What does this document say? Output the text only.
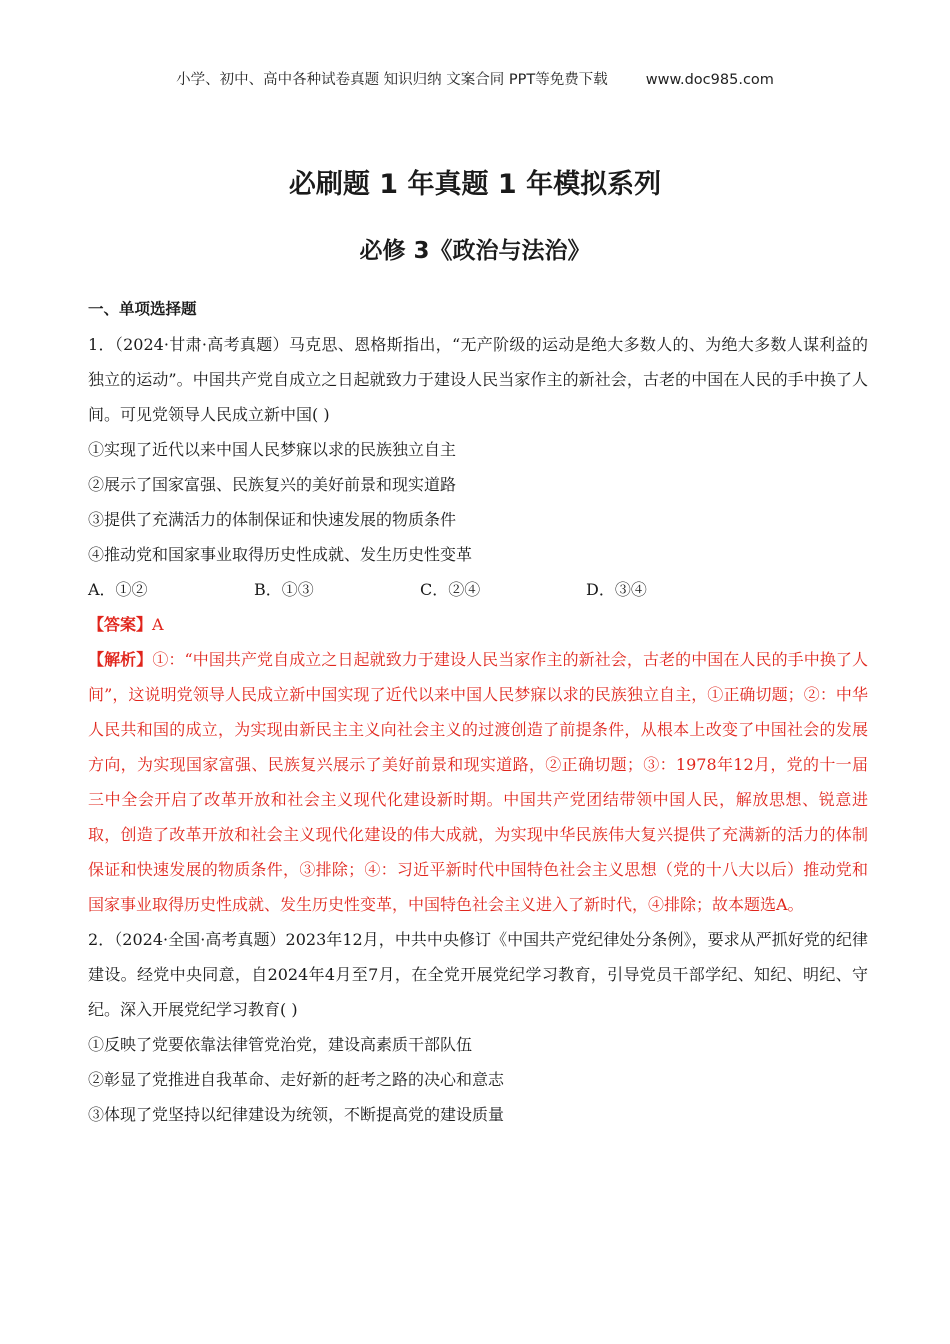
小学、初中、高中各种试卷真题 知识归纳 文案合同 PPT等免费下载	www.doc985.com
必刷题 1 年真题 1 年模拟系列
必修 3《政治与法治》

一、单项选择题

1．（2024·甘肃·高考真题）马克思、恩格斯指出，“无产阶级的运动是绝大多数人的、为绝大多数人谋利益的独立的运动”。中国共产党自成立之日起就致力于建设人民当家作主的新社会，古老的中国在人民的手中换了人间。可见党领导人民成立新中国( )

①实现了近代以来中国人民梦寐以求的民族独立自主

②展示了国家富强、民族复兴的美好前景和现实道路

③提供了充满活力的体制保证和快速发展的物质条件

④推动党和国家事业取得历史性成就、发生历史性变革

A．①②	B．①③	C．②④	D．③④

【答案】A

【解析】①：“中国共产党自成立之日起就致力于建设人民当家作主的新社会，古老的中国在人民的手中换了人间”，这说明党领导人民成立新中国实现了近代以来中国人民梦寐以求的民族独立自主，①正确切题；②：中华人民共和国的成立，为实现由新民主主义向社会主义的过渡创造了前提条件，从根本上改变了中国社会的发展方向，为实现国家富强、民族复兴展示了美好前景和现实道路，②正确切题；③：1978年12月，党的十一届三中全会开启了改革开放和社会主义现代化建设新时期。中国共产党团结带领中国人民，解放思想、锐意进取，创造了改革开放和社会主义现代化建设的伟大成就，为实现中华民族伟大复兴提供了充满新的活力的体制保证和快速发展的物质条件，③排除；④：习近平新时代中国特色社会主义思想（党的十八大以后）推动党和国家事业取得历史性成就、发生历史性变革，中国特色社会主义进入了新时代，④排除；故本题选A。

2．（2024·全国·高考真题）2023年12月，中共中央修订《中国共产党纪律处分条例》，要求从严抓好党的纪律建设。经党中央同意，自2024年4月至7月，在全党开展党纪学习教育，引导党员干部学纪、知纪、明纪、守纪。深入开展党纪学习教育( )

①反映了党要依靠法律管党治党，建设高素质干部队伍

②彰显了党推进自我革命、走好新的赶考之路的决心和意志

③体现了党坚持以纪律建设为统领，不断提高党的建设质量
